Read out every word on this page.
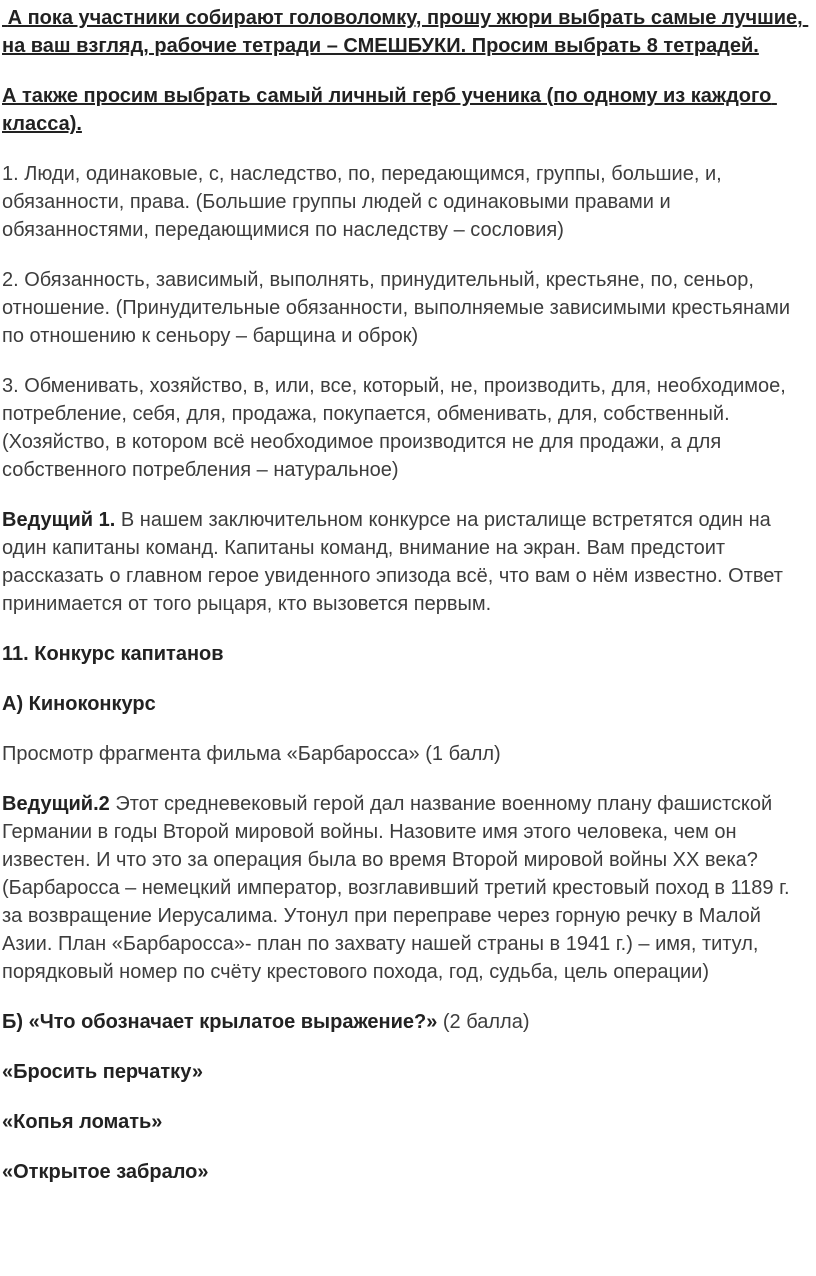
А пока участники собирают головоломку, прошу жюри выбрать самые лучшие, на ваш взгляд, рабочие тетради – СМЕШБУКИ. Просим выбрать 8 тетрадей.

А также просим выбрать самый личный герб ученика (по одному из каждого класса).

1. Люди, одинаковые, с, наследство, по, передающимся, группы, большие, и, обязанности, права. (Большие группы людей с одинаковыми правами и обязанностями, передающимися по наследству – сословия)

2. Обязанность, зависимый, выполнять, принудительный, крестьяне, по, сеньор, отношение. (Принудительные обязанности, выполняемые зависимыми крестьянами по отношению к сеньору – барщина и оброк)

3. Обменивать, хозяйство, в, или, все, который, не, производить, для, необходимое, потребление, себя, для, продажа, покупается, обменивать, для, собственный. (Хозяйство, в котором всё необходимое производится не для продажи, а для собственного потребления – натуральное)

Ведущий 1. В нашем заключительном конкурсе на ристалище встретятся один на один капитаны команд. Капитаны команд, внимание на экран. Вам предстоит рассказать о главном герое увиденного эпизода всё, что вам о нём известно. Ответ принимается от того рыцаря, кто вызовется первым.

11. Конкурс капитанов

А) Киноконкурс

Просмотр фрагмента фильма «Барбаросса» (1 балл)

Ведущий.2 Этот средневековый герой дал название военному плану фашистской Германии в годы Второй мировой войны. Назовите имя этого человека, чем он известен. И что это за операция была во время Второй мировой войны ХХ века? (Барбаросса – немецкий император, возглавивший третий крестовый поход в 1189 г. за возвращение Иерусалима. Утонул при переправе через горную речку в Малой Азии. План «Барбаросса»- план по захвату нашей страны в 1941 г.) – имя, титул, порядковый номер по счёту крестового похода, год, судьба, цель операции)

Б) «Что обозначает крылатое выражение?» (2 балла)

«Бросить перчатку»

«Копья ломать»

«Открытое забрало»
